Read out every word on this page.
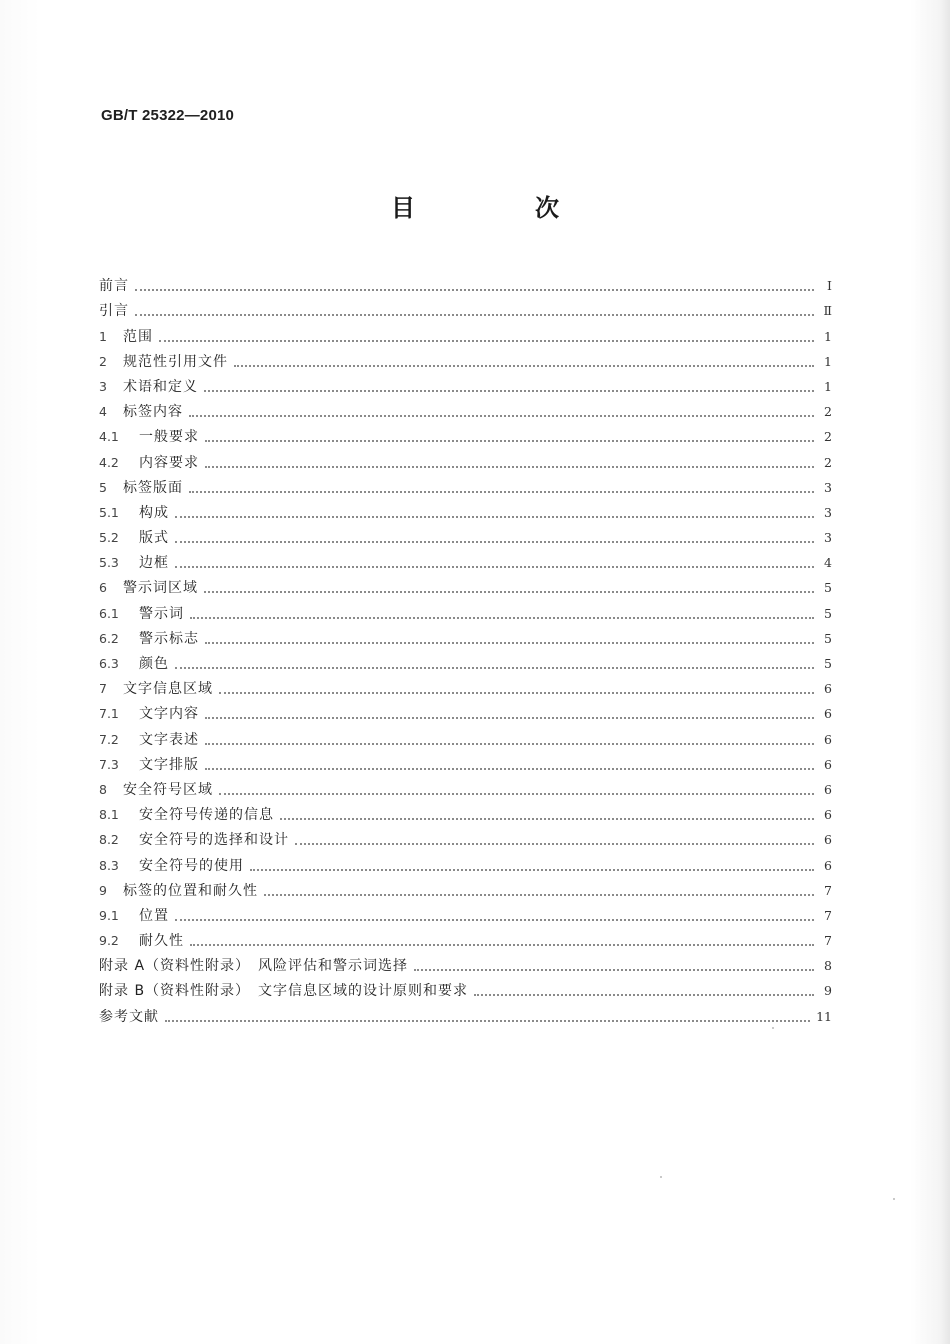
GB/T 25322—2010
目　次
前言	I
引言	Ⅱ
1	范围	1
2	规范性引用文件	1
3	术语和定义	1
4	标签内容	2
4.1	一般要求	2
4.2	内容要求	2
5	标签版面	3
5.1	构成	3
5.2	版式	3
5.3	边框	4
6	警示词区域	5
6.1	警示词	5
6.2	警示标志	5
6.3	颜色	5
7	文字信息区域	6
7.1	文字内容	6
7.2	文字表述	6
7.3	文字排版	6
8	安全符号区域	6
8.1	安全符号传递的信息	6
8.2	安全符号的选择和设计	6
8.3	安全符号的使用	6
9	标签的位置和耐久性	7
9.1	位置	7
9.2	耐久性	7
附录 A（资料性附录）　风险评估和警示词选择	8
附录 B（资料性附录）　文字信息区域的设计原则和要求	9
参考文献	11
